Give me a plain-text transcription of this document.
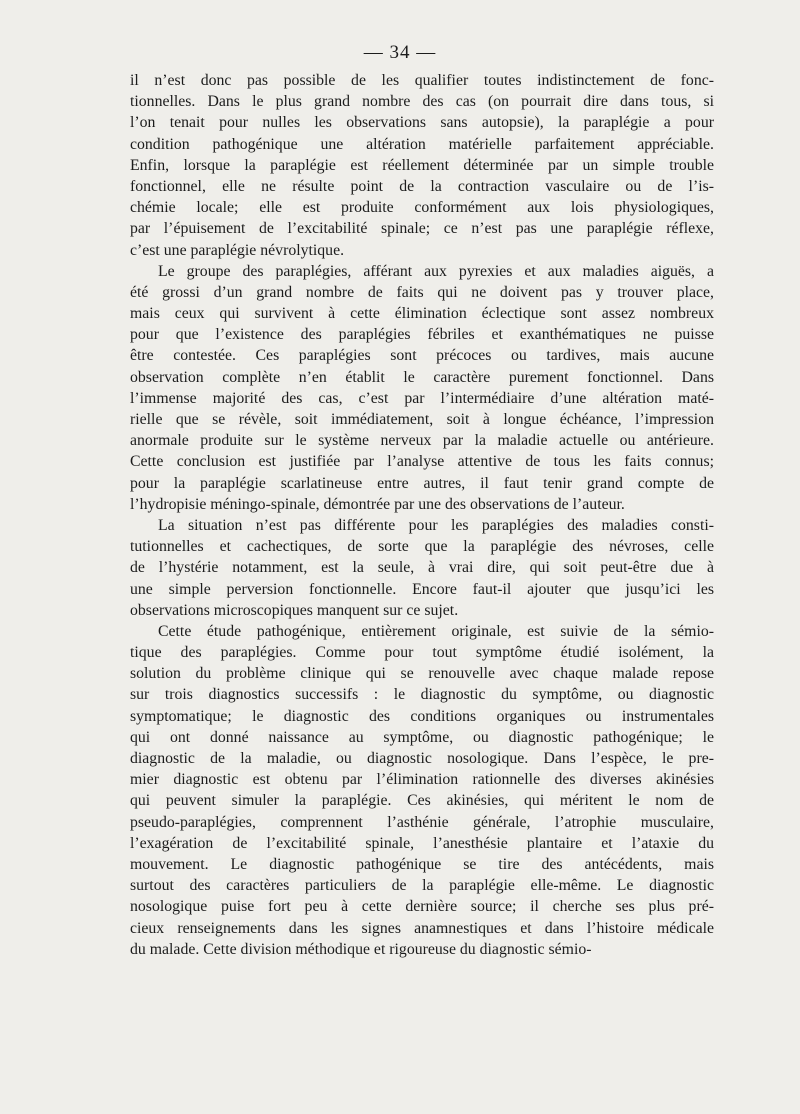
— 34 —
il n’est donc pas possible de les qualifier toutes indistinctement de fonc-
tionnelles. Dans le plus grand nombre des cas (on pourrait dire dans tous, si
l’on tenait pour nulles les observations sans autopsie), la paraplégie a pour
condition pathogénique une altération matérielle parfaitement appréciable.
Enfin, lorsque la paraplégie est réellement déterminée par un simple trouble
fonctionnel, elle ne résulte point de la contraction vasculaire ou de l’is-
chémie locale; elle est produite conformément aux lois physiologiques,
par l’épuisement de l’excitabilité spinale; ce n’est pas une paraplégie réflexe,
c’est une paraplégie névrolytique.
Le groupe des paraplégies, afférant aux pyrexies et aux maladies aiguës, a
été grossi d’un grand nombre de faits qui ne doivent pas y trouver place,
mais ceux qui survivent à cette élimination éclectique sont assez nombreux
pour que l’existence des paraplégies fébriles et exanthématiques ne puisse
être contestée. Ces paraplégies sont précoces ou tardives, mais aucune
observation complète n’en établit le caractère purement fonctionnel. Dans
l’immense majorité des cas, c’est par l’intermédiaire d’une altération maté-
rielle que se révèle, soit immédiatement, soit à longue échéance, l’impression
anormale produite sur le système nerveux par la maladie actuelle ou antérieure.
Cette conclusion est justifiée par l’analyse attentive de tous les faits connus;
pour la paraplégie scarlatineuse entre autres, il faut tenir grand compte de
l’hydropisie méningo-spinale, démontrée par une des observations de l’auteur.
La situation n’est pas différente pour les paraplégies des maladies consti-
tutionnelles et cachectiques, de sorte que la paraplégie des névroses, celle
de l’hystérie notamment, est la seule, à vrai dire, qui soit peut-être due à
une simple perversion fonctionnelle. Encore faut-il ajouter que jusqu’ici les
observations microscopiques manquent sur ce sujet.
Cette étude pathogénique, entièrement originale, est suivie de la sémio-
tique des paraplégies. Comme pour tout symptôme étudié isolément, la
solution du problème clinique qui se renouvelle avec chaque malade repose
sur trois diagnostics successifs : le diagnostic du symptôme, ou diagnostic
symptomatique; le diagnostic des conditions organiques ou instrumentales
qui ont donné naissance au symptôme, ou diagnostic pathogénique; le
diagnostic de la maladie, ou diagnostic nosologique. Dans l’espèce, le pre-
mier diagnostic est obtenu par l’élimination rationnelle des diverses akinésies
qui peuvent simuler la paraplégie. Ces akinésies, qui méritent le nom de
pseudo-paraplégies, comprennent l’asthénie générale, l’atrophie musculaire,
l’exagération de l’excitabilité spinale, l’anesthésie plantaire et l’ataxie du
mouvement. Le diagnostic pathogénique se tire des antécédents, mais
surtout des caractères particuliers de la paraplégie elle-même. Le diagnostic
nosologique puise fort peu à cette dernière source; il cherche ses plus pré-
cieux renseignements dans les signes anamnestiques et dans l’histoire médicale
du malade. Cette division méthodique et rigoureuse du diagnostic sémio-
